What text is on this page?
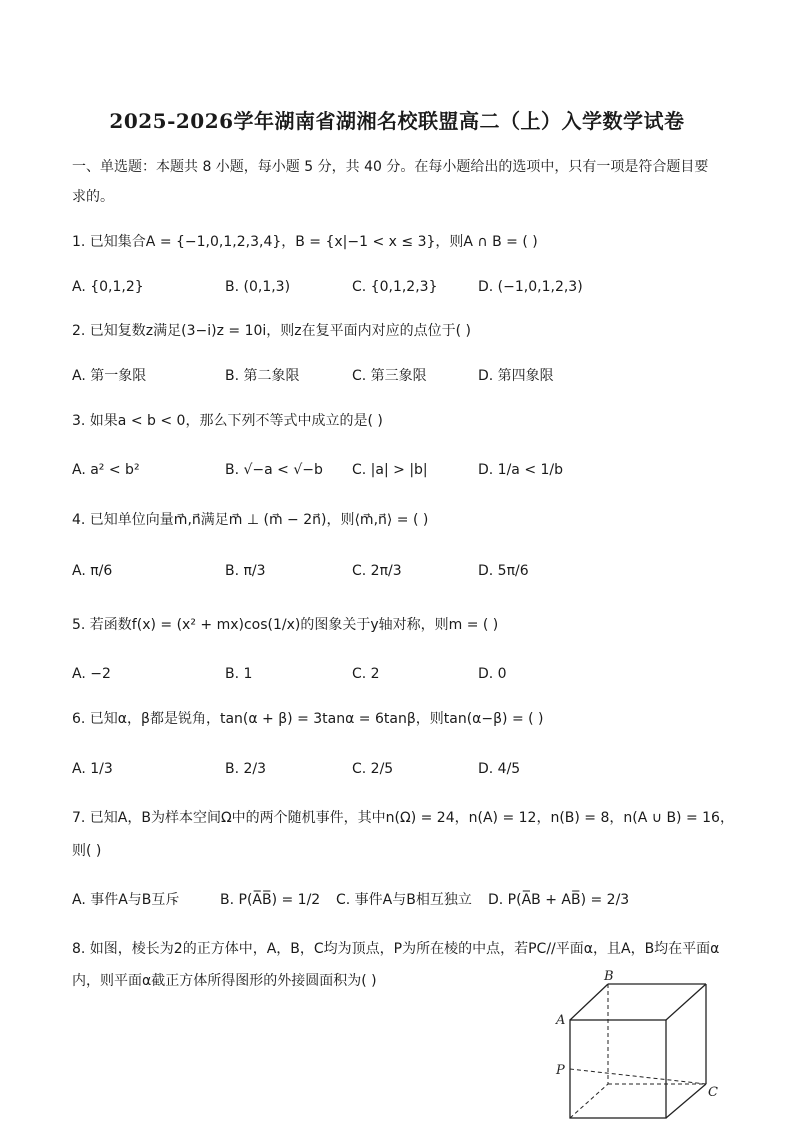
2025-2026学年湖南省湖湘名校联盟高二（上）入学数学试卷
一、单选题：本题共 8 小题，每小题 5 分，共 40 分。在每小题给出的选项中，只有一项是符合题目要求的。
1. 已知集合A = {−1,0,1,2,3,4}，B = {x|−1 < x ≤ 3}，则A ∩ B = ( )
A. {0,1,2}	B. (0,1,3)	C. {0,1,2,3}	D. (−1,0,1,2,3)
2. 已知复数z满足(3−i)z = 10i，则z在复平面内对应的点位于( )
A. 第一象限	B. 第二象限	C. 第三象限	D. 第四象限
3. 如果a < b < 0，那么下列不等式中成立的是( )
A. a² < b²	B. √−a < √−b C. |a| > |b|	D. 1/a < 1/b
4. 已知单位向量m⃗,n⃗满足m⃗ ⊥ (m⃗ − 2n⃗)，则⟨m⃗,n⃗⟩ = ( )
A. π/6	B. π/3	C. 2π/3	D. 5π/6
5. 若函数f(x) = (x² + mx)cos(1/x)的图象关于y轴对称，则m = ( )
A. −2	B. 1	C. 2	D. 0
6. 已知α，β都是锐角，tan(α + β) = 3tanα = 6tanβ，则tan(α−β) = ( )
A. 1/3	B. 2/3	C. 2/5	D. 4/5
7. 已知A，B为样本空间Ω中的两个随机事件，其中n(Ω) = 24，n(A) = 12，n(B) = 8，n(A ∪ B) = 16，
则( )
A. 事件A与B互斥	B. P(A̅B̅) = 1/2 C. 事件A与B相互独立 D. P(A̅B + AB̅) = 2/3
8. 如图，棱长为2的正方体中，A，B，C均为顶点，P为所在棱的中点，若PC//平面α，且A，B均在平面α
内，则平面α截正方体所得图形的外接圆面积为( )	B
A
P
C
